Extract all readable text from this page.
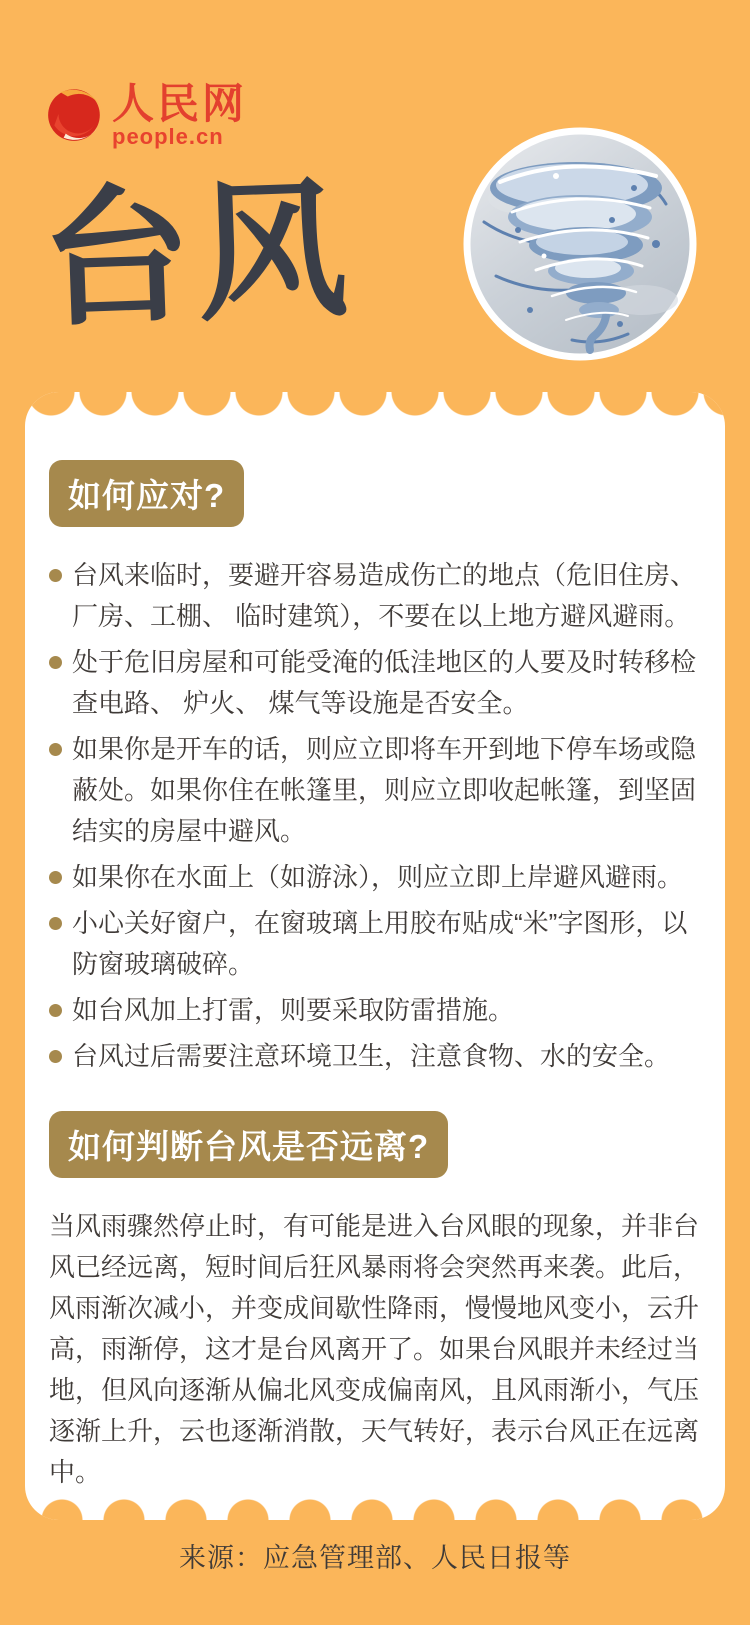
人民网
people.cn
台风
如何应对?
台风来临时，要避开容易造成伤亡的地点（危旧住房、厂房、工棚、 临时建筑），不要在以上地方避风避雨。
处于危旧房屋和可能受淹的低洼地区的人要及时转移检查电路、 炉火、 煤气等设施是否安全。
如果你是开车的话，则应立即将车开到地下停车场或隐蔽处。如果你住在帐篷里，则应立即收起帐篷，到坚固结实的房屋中避风。
如果你在水面上（如游泳），则应立即上岸避风避雨。
小心关好窗户，在窗玻璃上用胶布贴成“米”字图形，以防窗玻璃破碎。
如台风加上打雷，则要采取防雷措施。
台风过后需要注意环境卫生，注意食物、水的安全。
如何判断台风是否远离?

当风雨骤然停止时，有可能是进入台风眼的现象，并非台风已经远离，短时间后狂风暴雨将会突然再来袭。此后，风雨渐次减小，并变成间歇性降雨，慢慢地风变小，云升高，雨渐停，这才是台风离开了。如果台风眼并未经过当地，但风向逐渐从偏北风变成偏南风，且风雨渐小，气压逐渐上升，云也逐渐消散，天气转好，表示台风正在远离中。

来源：应急管理部、人民日报等
